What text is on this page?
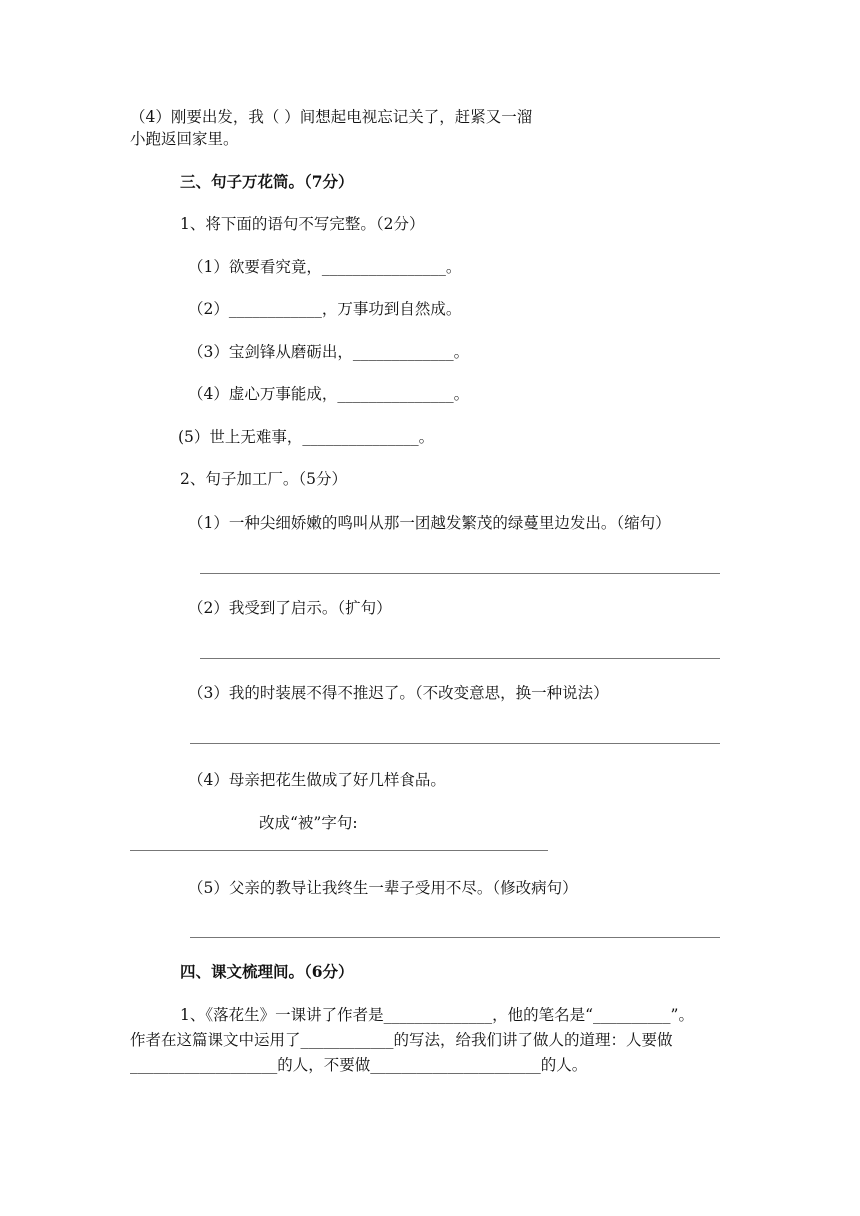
（4）刚要出发，我（ ）间想起电视忘记关了，赶紧又一溜
小跑返回家里。
三、句子万花筒。（7分）
1、将下面的语句不写完整。（2分）
（1）欲要看究竟，________________。
（2）____________，万事功到自然成。
（3）宝剑锋从磨砺出，_____________。
（4）虚心万事能成，_______________。
(5）世上无难事，_______________。
2、句子加工厂。（5分）
（1）一种尖细娇嫩的鸣叫从那一团越发繁茂的绿蔓里边发出。（缩句）
（2）我受到了启示。（扩句）
（3）我的时装展不得不推迟了。（不改变意思，换一种说法）
（4）母亲把花生做成了好几样食品。
改成“被”字句:
（5）父亲的教导让我终生一辈子受用不尽。（修改病句）
四、课文梳理间。（6分）
1、《落花生》一课讲了作者是______________，他的笔名是“__________”。
作者在这篇课文中运用了____________的写法，给我们讲了做人的道理：人要做
___________________的人，不要做______________________的人。
